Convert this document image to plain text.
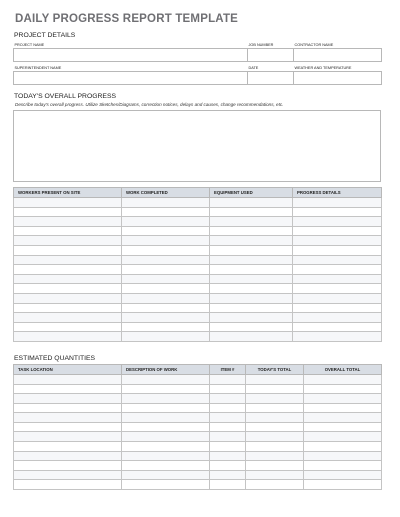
DAILY PROGRESS REPORT TEMPLATE
PROJECT DETAILS
PROJECT NAME	JOB NUMBER	CONTRACTOR NAME

SUPERINTENDENT NAME	DATE	WEATHER AND TEMPERATURE

TODAY'S OVERALL PROGRESS
Describe today's overall progress. Utilize Sketches/Diagrams, correction notices, delays and causes, change recommendations, etc.
WORKERS PRESENT ON SITE	WORK COMPLETED	EQUIPMENT USED	PROGRESS DETAILS

ESTIMATED QUANTITIES
TASK LOCATION	DESCRIPTION OF WORK	ITEM #	TODAY'S TOTAL	OVERALL TOTAL
